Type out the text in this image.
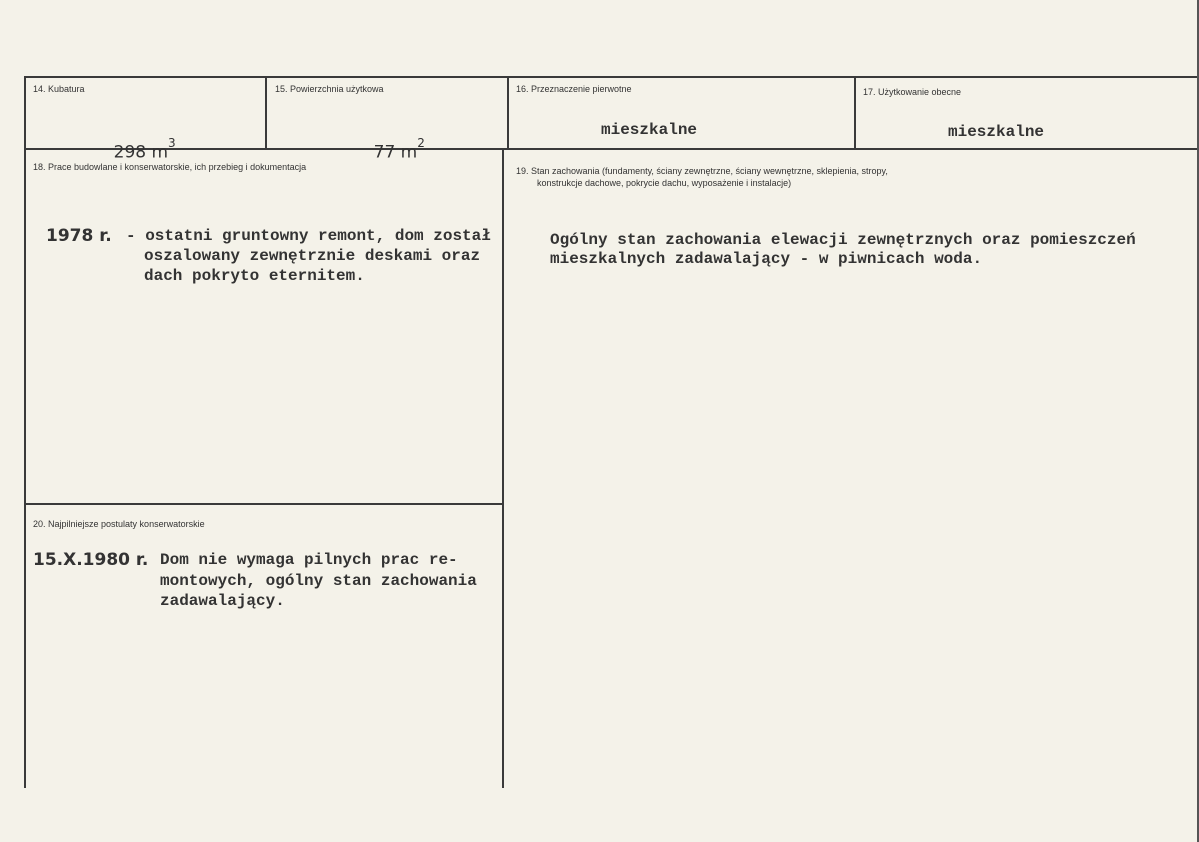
14. Kubatura

298 $m^3$

15. Powierzchnia użytkowa

77 $m^2$

16. Przeznaczenie pierwotne
mieszkalne
17. Użytkowanie obecne
mieszkalne
18. Prace budowlane i konserwatorskie, ich przebieg i dokumentacja
1978 r. - ostatni gruntowny remont, dom został
oszalowany zewnętrznie deskami oraz
dach pokryto eternitem.
19. Stan zachowania (fundamenty, ściany zewnętrzne, ściany wewnętrzne, sklepienia, stropy,
konstrukcje dachowe, pokrycie dachu, wyposażenie i instalacje)
Ogólny stan zachowania elewacji zewnętrznych oraz pomieszczeń
mieszkalnych zadawalający - w piwnicach woda.
20. Najpilniejsze postulaty konserwatorskie
15.X.1980 r. Dom nie wymaga pilnych prac re-
montowych, ogólny stan zachowania
zadawalający.
